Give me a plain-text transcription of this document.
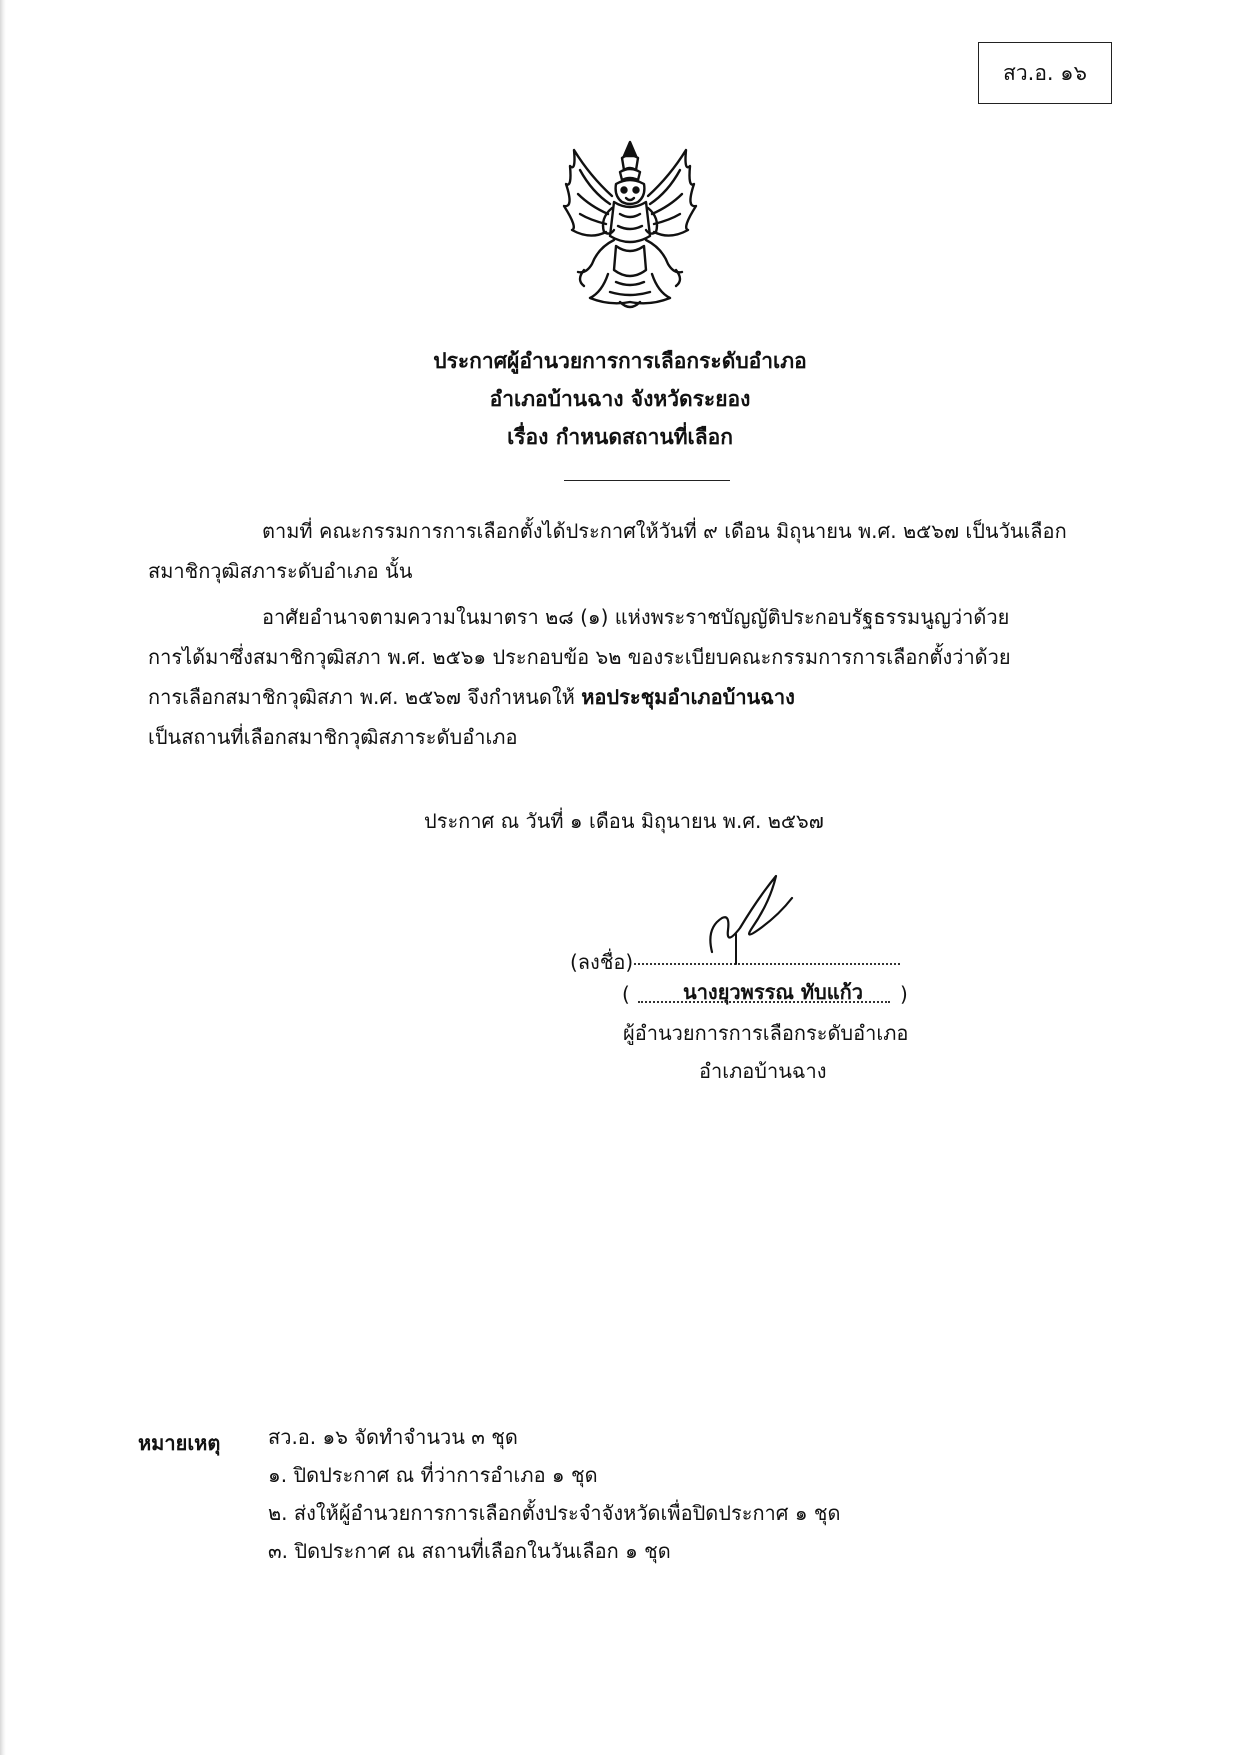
สว.อ. ๑๖
ประกาศผู้อำนวยการการเลือกระดับอำเภอ
อำเภอบ้านฉาง จังหวัดระยอง
เรื่อง กำหนดสถานที่เลือก
ตามที่ คณะกรรมการการเลือกตั้งได้ประกาศให้วันที่ ๙ เดือน มิถุนายน พ.ศ. ๒๕๖๗ เป็นวันเลือก
สมาชิกวุฒิสภาระดับอำเภอ นั้น
อาศัยอำนาจตามความในมาตรา ๒๘ (๑) แห่งพระราชบัญญัติประกอบรัฐธรรมนูญว่าด้วย
การได้มาซึ่งสมาชิกวุฒิสภา พ.ศ. ๒๕๖๑ ประกอบข้อ ๖๒ ของระเบียบคณะกรรมการการเลือกตั้งว่าด้วย
การเลือกสมาชิกวุฒิสภา พ.ศ. ๒๕๖๗ จึงกำหนดให้ หอประชุมอำเภอบ้านฉาง
เป็นสถานที่เลือกสมาชิกวุฒิสภาระดับอำเภอ
ประกาศ ณ วันที่ ๑ เดือน มิถุนายน พ.ศ. ๒๕๖๗
(ลงชื่อ)
(	นางยุวพรรณ ทับแก้ว	)
ผู้อำนวยการการเลือกระดับอำเภอ
อำเภอบ้านฉาง
หมายเหตุ สว.อ. ๑๖ จัดทำจำนวน ๓ ชุด
๑. ปิดประกาศ ณ ที่ว่าการอำเภอ ๑ ชุด
๒. ส่งให้ผู้อำนวยการการเลือกตั้งประจำจังหวัดเพื่อปิดประกาศ ๑ ชุด
๓. ปิดประกาศ ณ สถานที่เลือกในวันเลือก ๑ ชุด
